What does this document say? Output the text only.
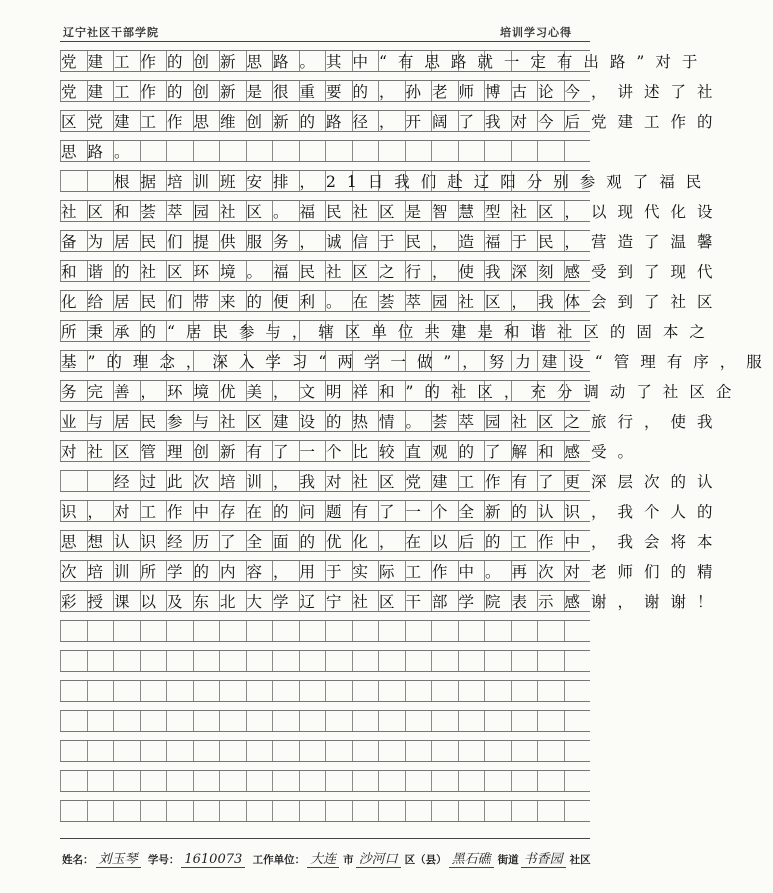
辽宁社区干部学院	培训学习心得
党建工作的创新思路。其中“有思路就一定有出路”对于
党建工作的创新是很重要的，孙老师博古论今，讲述了社
区党建工作思维创新的路径，开阔了我对今后党建工作的
思路。
　　根据培训班安排，21日我们赴辽阳分别参观了福民
社区和荟萃园社区。福民社区是智慧型社区，以现代化设
备为居民们提供服务，诚信于民，造福于民，营造了温馨
和谐的社区环境。福民社区之行，使我深刻感受到了现代
化给居民们带来的便利。在荟萃园社区，我体会到了社区
所秉承的“居民参与，辖区单位共建是和谐社区的固本之
基”的理念，深入学习“两学一做”，努力建设“管理有序，服
务完善，环境优美，文明祥和”的社区，充分调动了社区企
业与居民参与社区建设的热情。荟萃园社区之旅行，使我
对社区管理创新有了一个比较直观的了解和感受。
　　经过此次培训，我对社区党建工作有了更深层次的认
识，对工作中存在的问题有了一个全新的认识，我个人的
思想认识经历了全面的优化，在以后的工作中，我会将本
次培训所学的内容，用于实际工作中。再次对老师们的精
彩授课以及东北大学辽宁社区干部学院表示感谢，谢谢！
姓名： 刘玉琴 学号： 1610073 工作单位： 大连 市 沙河口 区（县） 黑石礁 街道 书香园 社区
